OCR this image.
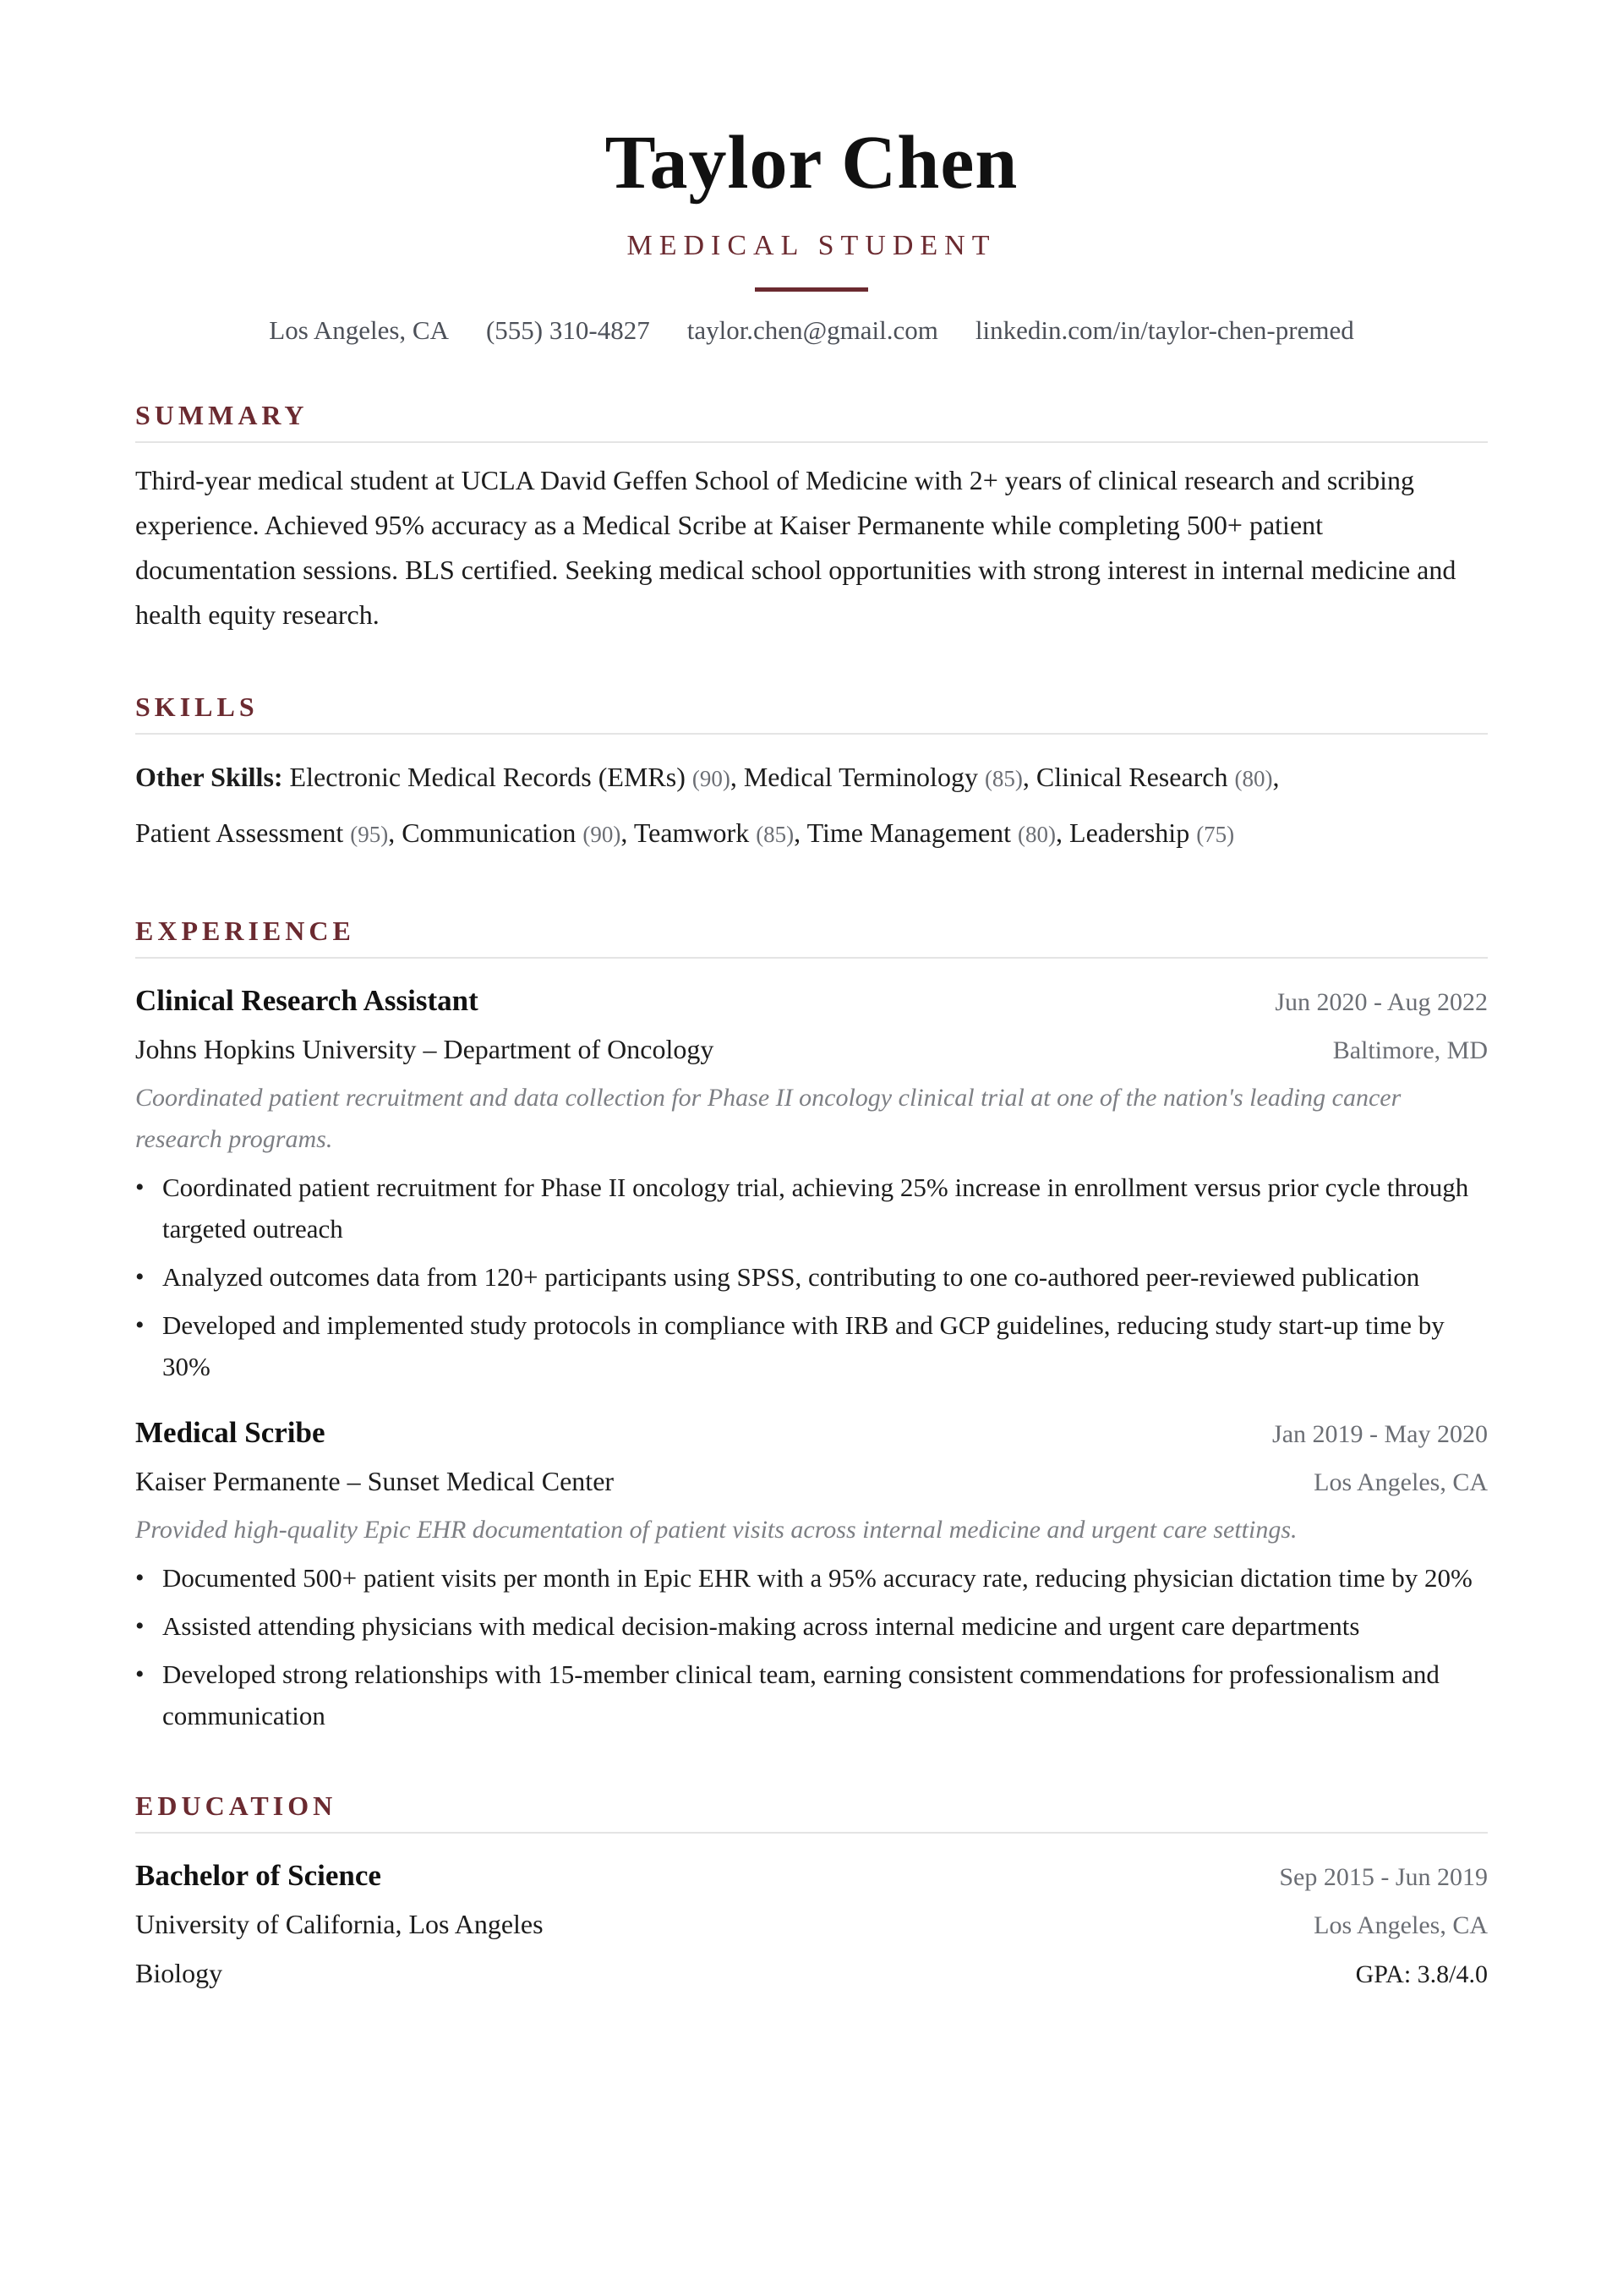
Taylor Chen
MEDICAL STUDENT
Los Angeles, CA (555) 310-4827 taylor.chen@gmail.com linkedin.com/in/taylor-chen-premed
SUMMARY
Third-year medical student at UCLA David Geffen School of Medicine with 2+ years of clinical research and scribing experience. Achieved 95% accuracy as a Medical Scribe at Kaiser Permanente while completing 500+ patient documentation sessions. BLS certified. Seeking medical school opportunities with strong interest in internal medicine and health equity research.
SKILLS
Other Skills: Electronic Medical Records (EMRs) (90), Medical Terminology (85), Clinical Research (80),
Patient Assessment (95), Communication (90), Teamwork (85), Time Management (80), Leadership (75)
EXPERIENCE
Clinical Research Assistant	Jun 2020 - Aug 2022
Johns Hopkins University – Department of Oncology	Baltimore, MD
Coordinated patient recruitment and data collection for Phase II oncology clinical trial at one of the nation's leading cancer research programs.
• Coordinated patient recruitment for Phase II oncology trial, achieving 25% increase in enrollment versus prior cycle through targeted outreach
• Analyzed outcomes data from 120+ participants using SPSS, contributing to one co-authored peer-reviewed publication
• Developed and implemented study protocols in compliance with IRB and GCP guidelines, reducing study start-up time by 30%
Medical Scribe	Jan 2019 - May 2020
Kaiser Permanente – Sunset Medical Center	Los Angeles, CA
Provided high-quality Epic EHR documentation of patient visits across internal medicine and urgent care settings.
• Documented 500+ patient visits per month in Epic EHR with a 95% accuracy rate, reducing physician dictation time by 20%
• Assisted attending physicians with medical decision-making across internal medicine and urgent care departments
• Developed strong relationships with 15-member clinical team, earning consistent commendations for professionalism and communication
EDUCATION
Bachelor of Science	Sep 2015 - Jun 2019
University of California, Los Angeles	Los Angeles, CA
Biology	GPA: 3.8/4.0
